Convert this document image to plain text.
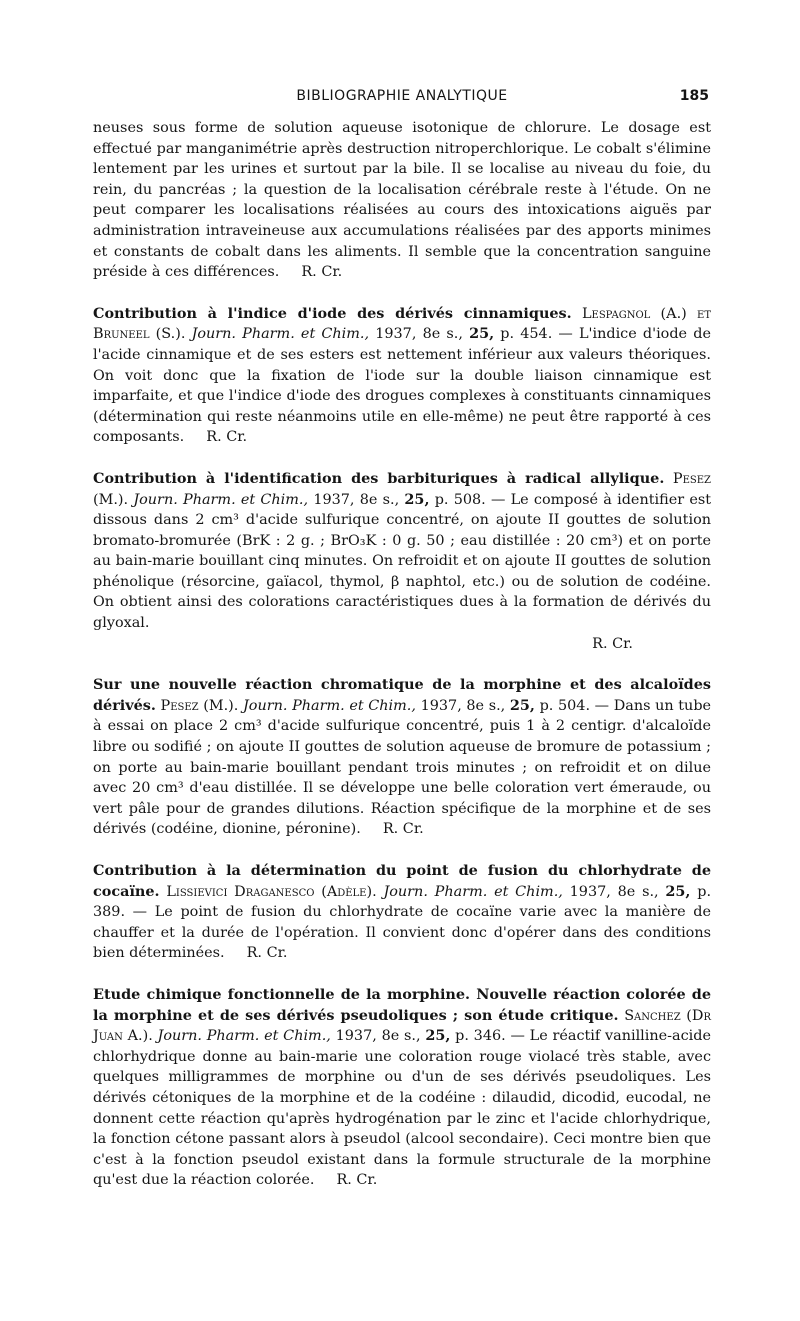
BIBLIOGRAPHIE ANALYTIQUE	185

neuses sous forme de solution aqueuse isotonique de chlorure. Le dosage est effectué par manganimétrie après destruction nitroperchlorique. Le cobalt s'élimine lentement par les urines et surtout par la bile. Il se localise au niveau du foie, du rein, du pancréas ; la question de la localisation cérébrale reste à l'étude. On ne peut comparer les localisations réalisées au cours des intoxications aiguës par administration intraveineuse aux accumulations réalisées par des apports minimes et constants de cobalt dans les aliments. Il semble que la concentration sanguine préside à ces différences. R. Cr.

Contribution à l'indice d'iode des dérivés cinnamiques. Lespagnol (A.) et Bruneel (S.). Journ. Pharm. et Chim., 1937, 8e s., 25, p. 454. — L'indice d'iode de l'acide cinnamique et de ses esters est nettement inférieur aux valeurs théoriques. On voit donc que la fixation de l'iode sur la double liaison cinnamique est imparfaite, et que l'indice d'iode des drogues complexes à constituants cinnamiques (détermination qui reste néanmoins utile en elle-même) ne peut être rapporté à ces composants. R. Cr.

Contribution à l'identification des barbituriques à radical allylique. Pesez (M.). Journ. Pharm. et Chim., 1937, 8e s., 25, p. 508. — Le composé à identifier est dissous dans 2 cm³ d'acide sulfurique concentré, on ajoute II gouttes de solution bromato-bromurée (BrK : 2 g. ; BrO₃K : 0 g. 50 ; eau distillée : 20 cm³) et on porte au bain-marie bouillant cinq minutes. On refroidit et on ajoute II gouttes de solution phénolique (résorcine, gaïacol, thymol, β naphtol, etc.) ou de solution de codéine. On obtient ainsi des colorations caractéristiques dues à la formation de dérivés du glyoxal.

R. Cr.

Sur une nouvelle réaction chromatique de la morphine et des alcaloïdes dérivés. Pesez (M.). Journ. Pharm. et Chim., 1937, 8e s., 25, p. 504. — Dans un tube à essai on place 2 cm³ d'acide sulfurique concentré, puis 1 à 2 centigr. d'alcaloïde libre ou sodifié ; on ajoute II gouttes de solution aqueuse de bromure de potassium ; on porte au bain-marie bouillant pendant trois minutes ; on refroidit et on dilue avec 20 cm³ d'eau distillée. Il se développe une belle coloration vert émeraude, ou vert pâle pour de grandes dilutions. Réaction spécifique de la morphine et de ses dérivés (codéine, dionine, péronine). R. Cr.

Contribution à la détermination du point de fusion du chlorhydrate de cocaïne. Lissievici Draganesco (Adèle). Journ. Pharm. et Chim., 1937, 8e s., 25, p. 389. — Le point de fusion du chlorhydrate de cocaïne varie avec la manière de chauffer et la durée de l'opération. Il convient donc d'opérer dans des conditions bien déterminées. R. Cr.

Etude chimique fonctionnelle de la morphine. Nouvelle réaction colorée de la morphine et de ses dérivés pseudoliques ; son étude critique. Sanchez (Dr Juan A.). Journ. Pharm. et Chim., 1937, 8e s., 25, p. 346. — Le réactif vanilline-acide chlorhydrique donne au bain-marie une coloration rouge violacé très stable, avec quelques milligrammes de morphine ou d'un de ses dérivés pseudoliques. Les dérivés cétoniques de la morphine et de la codéine : dilaudid, dicodid, eucodal, ne donnent cette réaction qu'après hydrogénation par le zinc et l'acide chlorhydrique, la fonction cétone passant alors à pseudol (alcool secondaire). Ceci montre bien que c'est à la fonction pseudol existant dans la formule structurale de la morphine qu'est due la réaction colorée. R. Cr.
